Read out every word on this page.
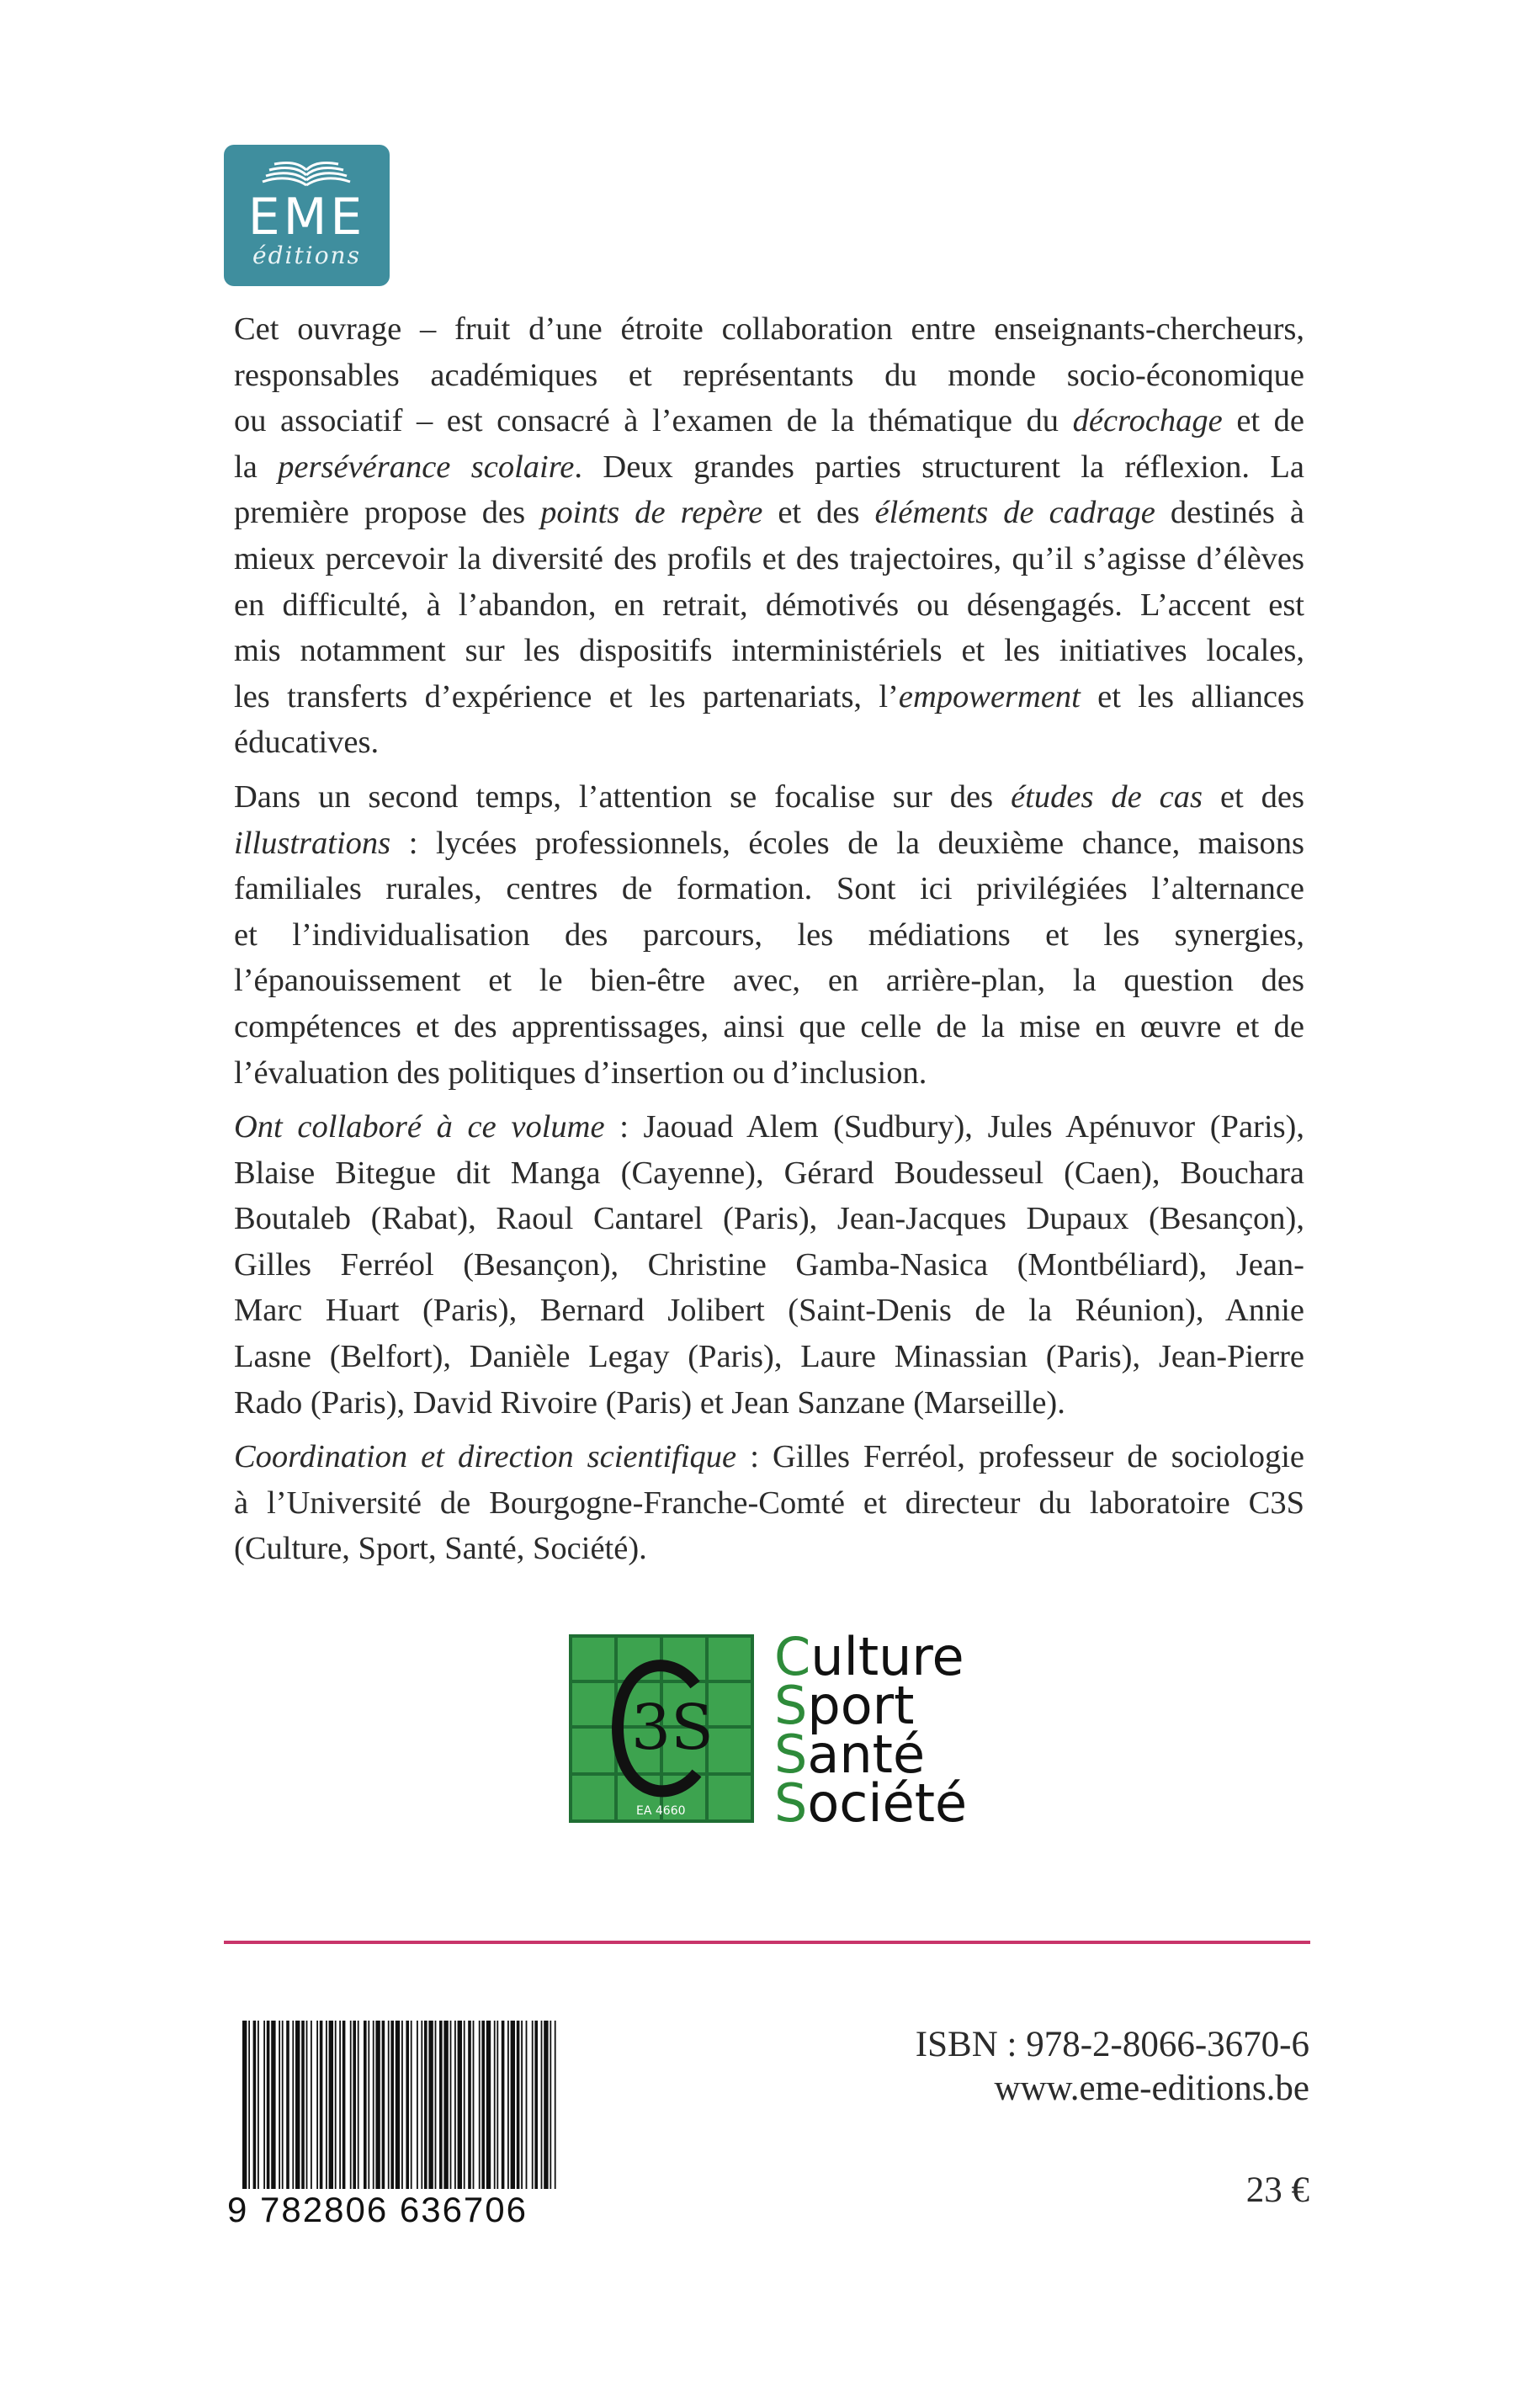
EME
éditions
Cet ouvrage – fruit d’une étroite collaboration entre enseignants-chercheurs,
responsables académiques et représentants du monde socio-économique
ou associatif – est consacré à l’examen de la thématique du décrochage et de
la persévérance scolaire. Deux grandes parties structurent la réflexion. La
première propose des points de repère et des éléments de cadrage destinés à
mieux percevoir la diversité des profils et des trajectoires, qu’il s’agisse d’élèves
en difficulté, à l’abandon, en retrait, démotivés ou désengagés. L’accent est
mis notamment sur les dispositifs interministériels et les initiatives locales,
les transferts d’expérience et les partenariats, l’empowerment et les alliances
éducatives.
Dans un second temps, l’attention se focalise sur des études de cas et des
illustrations : lycées professionnels, écoles de la deuxième chance, maisons
familiales rurales, centres de formation. Sont ici privilégiées l’alternance
et l’individualisation des parcours, les médiations et les synergies,
l’épanouissement et le bien-être avec, en arrière-plan, la question des
compétences et des apprentissages, ainsi que celle de la mise en œuvre et de
l’évaluation des politiques d’insertion ou d’inclusion.
Ont collaboré à ce volume : Jaouad Alem (Sudbury), Jules Apénuvor (Paris),
Blaise Bitegue dit Manga (Cayenne), Gérard Boudesseul (Caen), Bouchara
Boutaleb (Rabat), Raoul Cantarel (Paris), Jean-Jacques Dupaux (Besançon),
Gilles Ferréol (Besançon), Christine Gamba-Nasica (Montbéliard), Jean-
Marc Huart (Paris), Bernard Jolibert (Saint-Denis de la Réunion), Annie
Lasne (Belfort), Danièle Legay (Paris), Laure Minassian (Paris), Jean-Pierre
Rado (Paris), David Rivoire (Paris) et Jean Sanzane (Marseille).
Coordination et direction scientifique : Gilles Ferréol, professeur de sociologie
à l’Université de Bourgogne-Franche-Comté et directeur du laboratoire C3S
(Culture, Sport, Santé, Société).
3S
EA 4660
Culture
Sport
Santé
Société
9 782806 636706
ISBN : 978-2-8066-3670-6
www.eme-editions.be
23 €
